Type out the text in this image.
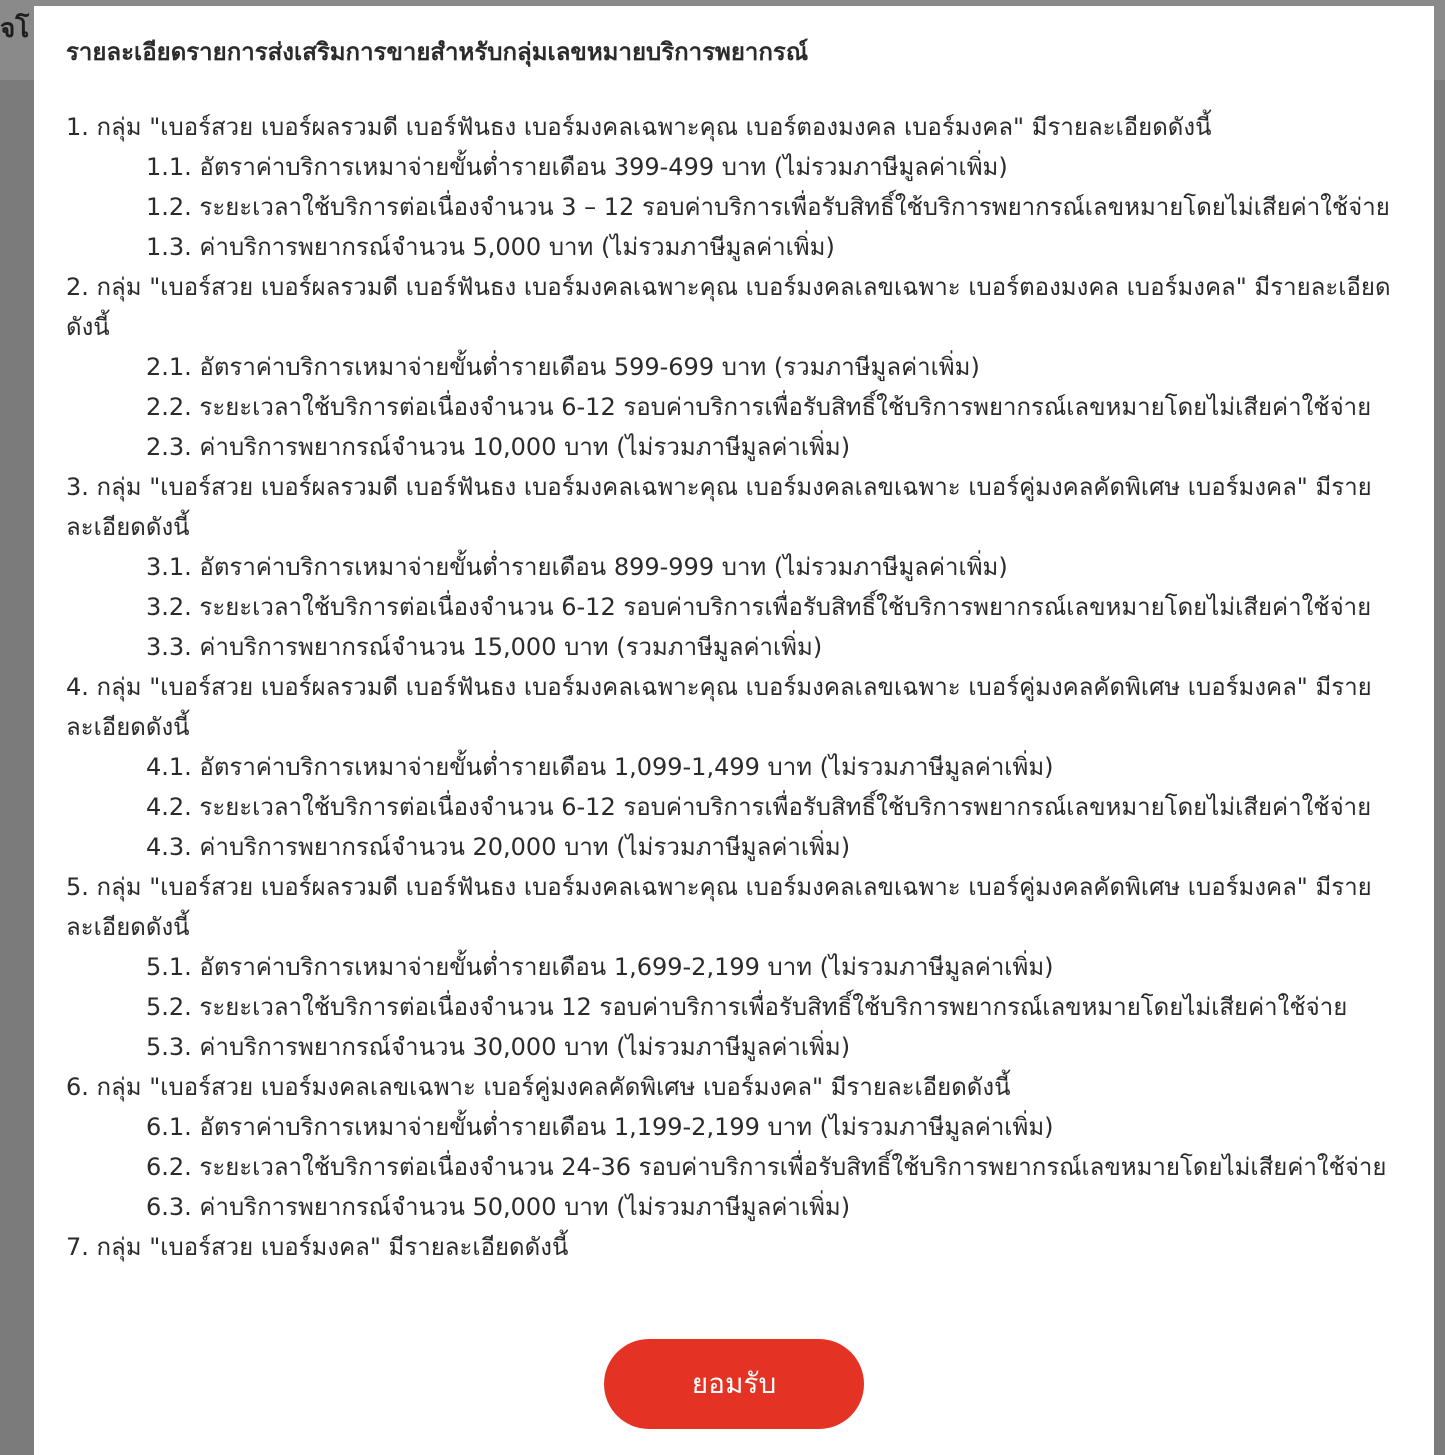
จโ
รายละเอียดรายการส่งเสริมการขายสำหรับกลุ่มเลขหมายบริการพยากรณ์

1. กลุ่ม "เบอร์สวย เบอร์ผลรวมดี เบอร์ฟันธง เบอร์มงคลเฉพาะคุณ เบอร์ตองมงคล เบอร์มงคล" มีรายละเอียดดังนี้

1.1. อัตราค่าบริการเหมาจ่ายขั้นต่ำรายเดือน 399-499 บาท (ไม่รวมภาษีมูลค่าเพิ่ม)

1.2. ระยะเวลาใช้บริการต่อเนื่องจำนวน 3 – 12 รอบค่าบริการเพื่อรับสิทธิ์ใช้บริการพยากรณ์เลขหมายโดยไม่เสียค่าใช้จ่าย

1.3. ค่าบริการพยากรณ์จำนวน 5,000 บาท (ไม่รวมภาษีมูลค่าเพิ่ม)

2. กลุ่ม "เบอร์สวย เบอร์ผลรวมดี เบอร์ฟันธง เบอร์มงคลเฉพาะคุณ เบอร์มงคลเลขเฉพาะ เบอร์ตองมงคล เบอร์มงคล" มีรายละเอียดดังนี้

2.1. อัตราค่าบริการเหมาจ่ายขั้นต่ำรายเดือน 599-699 บาท (รวมภาษีมูลค่าเพิ่ม)

2.2. ระยะเวลาใช้บริการต่อเนื่องจำนวน 6-12 รอบค่าบริการเพื่อรับสิทธิ์ใช้บริการพยากรณ์เลขหมายโดยไม่เสียค่าใช้จ่าย

2.3. ค่าบริการพยากรณ์จำนวน 10,000 บาท (ไม่รวมภาษีมูลค่าเพิ่ม)

3. กลุ่ม "เบอร์สวย เบอร์ผลรวมดี เบอร์ฟันธง เบอร์มงคลเฉพาะคุณ เบอร์มงคลเลขเฉพาะ เบอร์คู่มงคลคัดพิเศษ เบอร์มงคล" มีรายละเอียดดังนี้

3.1. อัตราค่าบริการเหมาจ่ายขั้นต่ำรายเดือน 899-999 บาท (ไม่รวมภาษีมูลค่าเพิ่ม)

3.2. ระยะเวลาใช้บริการต่อเนื่องจำนวน 6-12 รอบค่าบริการเพื่อรับสิทธิ์ใช้บริการพยากรณ์เลขหมายโดยไม่เสียค่าใช้จ่าย

3.3. ค่าบริการพยากรณ์จำนวน 15,000 บาท (รวมภาษีมูลค่าเพิ่ม)

4. กลุ่ม "เบอร์สวย เบอร์ผลรวมดี เบอร์ฟันธง เบอร์มงคลเฉพาะคุณ เบอร์มงคลเลขเฉพาะ เบอร์คู่มงคลคัดพิเศษ เบอร์มงคล" มีรายละเอียดดังนี้

4.1. อัตราค่าบริการเหมาจ่ายขั้นต่ำรายเดือน 1,099-1,499 บาท (ไม่รวมภาษีมูลค่าเพิ่ม)

4.2. ระยะเวลาใช้บริการต่อเนื่องจำนวน 6-12 รอบค่าบริการเพื่อรับสิทธิ์ใช้บริการพยากรณ์เลขหมายโดยไม่เสียค่าใช้จ่าย

4.3. ค่าบริการพยากรณ์จำนวน 20,000 บาท (ไม่รวมภาษีมูลค่าเพิ่ม)

5. กลุ่ม "เบอร์สวย เบอร์ผลรวมดี เบอร์ฟันธง เบอร์มงคลเฉพาะคุณ เบอร์มงคลเลขเฉพาะ เบอร์คู่มงคลคัดพิเศษ เบอร์มงคล" มีรายละเอียดดังนี้

5.1. อัตราค่าบริการเหมาจ่ายขั้นต่ำรายเดือน 1,699-2,199 บาท (ไม่รวมภาษีมูลค่าเพิ่ม)

5.2. ระยะเวลาใช้บริการต่อเนื่องจำนวน 12 รอบค่าบริการเพื่อรับสิทธิ์ใช้บริการพยากรณ์เลขหมายโดยไม่เสียค่าใช้จ่าย

5.3. ค่าบริการพยากรณ์จำนวน 30,000 บาท (ไม่รวมภาษีมูลค่าเพิ่ม)

6. กลุ่ม "เบอร์สวย เบอร์มงคลเลขเฉพาะ เบอร์คู่มงคลคัดพิเศษ เบอร์มงคล" มีรายละเอียดดังนี้

6.1. อัตราค่าบริการเหมาจ่ายขั้นต่ำรายเดือน 1,199-2,199 บาท (ไม่รวมภาษีมูลค่าเพิ่ม)

6.2. ระยะเวลาใช้บริการต่อเนื่องจำนวน 24-36 รอบค่าบริการเพื่อรับสิทธิ์ใช้บริการพยากรณ์เลขหมายโดยไม่เสียค่าใช้จ่าย

6.3. ค่าบริการพยากรณ์จำนวน 50,000 บาท (ไม่รวมภาษีมูลค่าเพิ่ม)

7. กลุ่ม "เบอร์สวย เบอร์มงคล" มีรายละเอียดดังนี้

ยอมรับ
